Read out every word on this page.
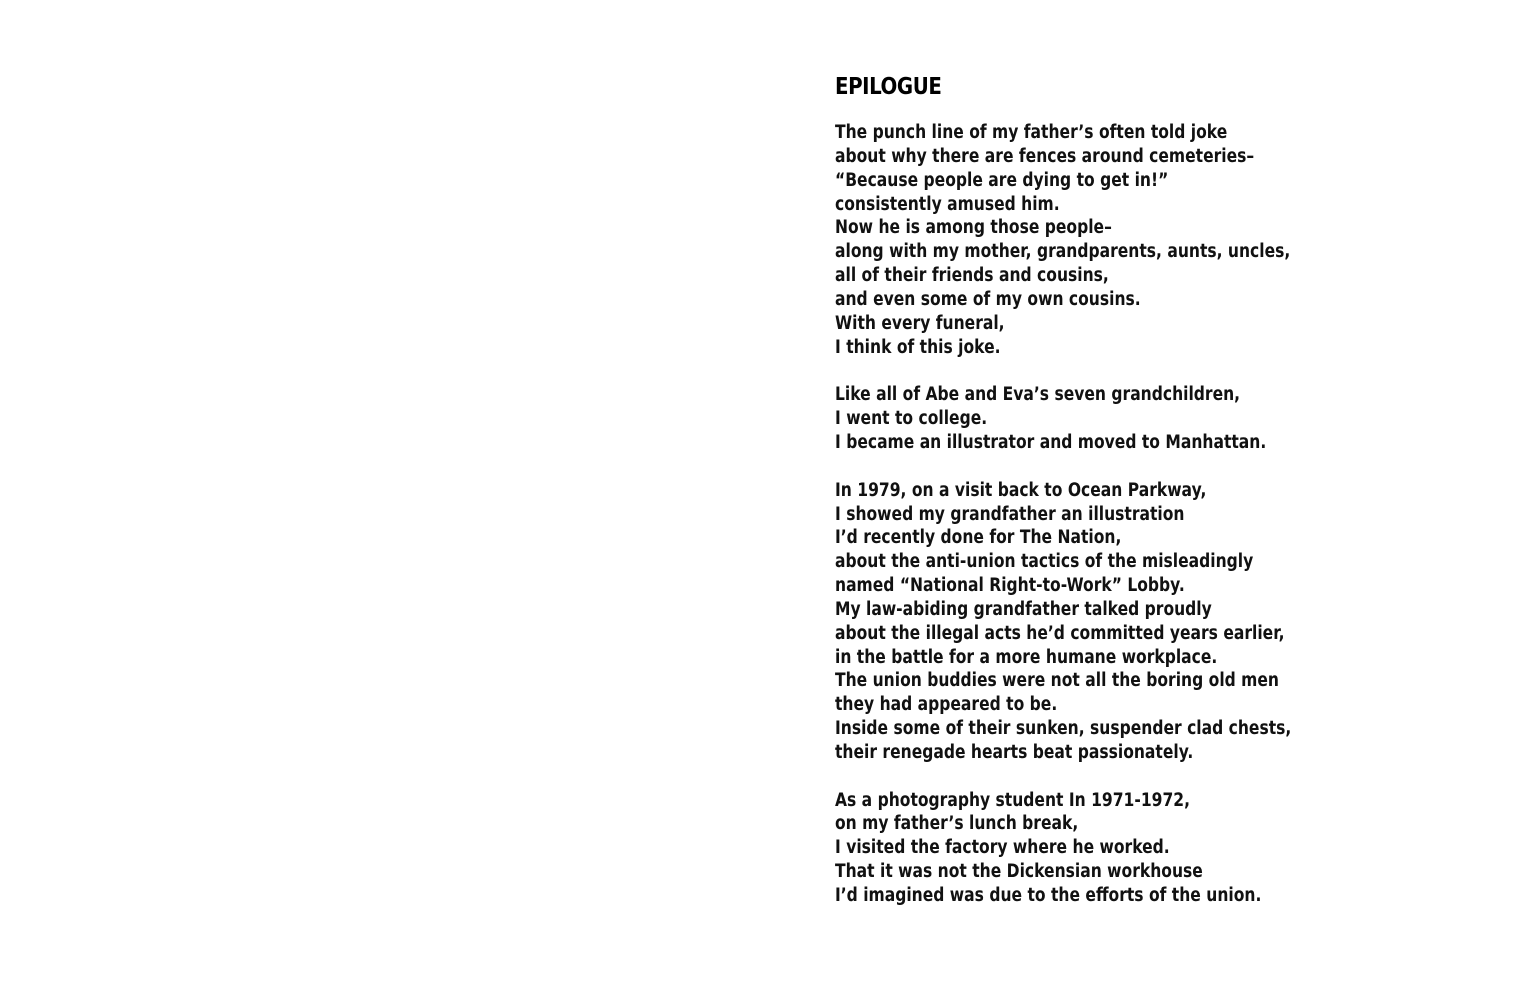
EPILOGUE
The punch line of my father’s often told joke
about why there are fences around cemeteries–
“Because people are dying to get in!”
consistently amused him.
Now he is among those people–
along with my mother, grandparents, aunts, uncles,
all of their friends and cousins,
and even some of my own cousins.
With every funeral,
I think of this joke.
Like all of Abe and Eva’s seven grandchildren,
I went to college.
I became an illustrator and moved to Manhattan.
In 1979, on a visit back to Ocean Parkway,
I showed my grandfather an illustration
I’d recently done for The Nation,
about the anti-union tactics of the misleadingly
named “National Right-to-Work” Lobby.
My law-abiding grandfather talked proudly
about the illegal acts he’d committed years earlier,
in the battle for a more humane workplace.
The union buddies were not all the boring old men
they had appeared to be.
Inside some of their sunken, suspender clad chests,
their renegade hearts beat passionately.
As a photography student In 1971-1972,
on my father’s lunch break,
I visited the factory where he worked.
That it was not the Dickensian workhouse
I’d imagined was due to the efforts of the union.
